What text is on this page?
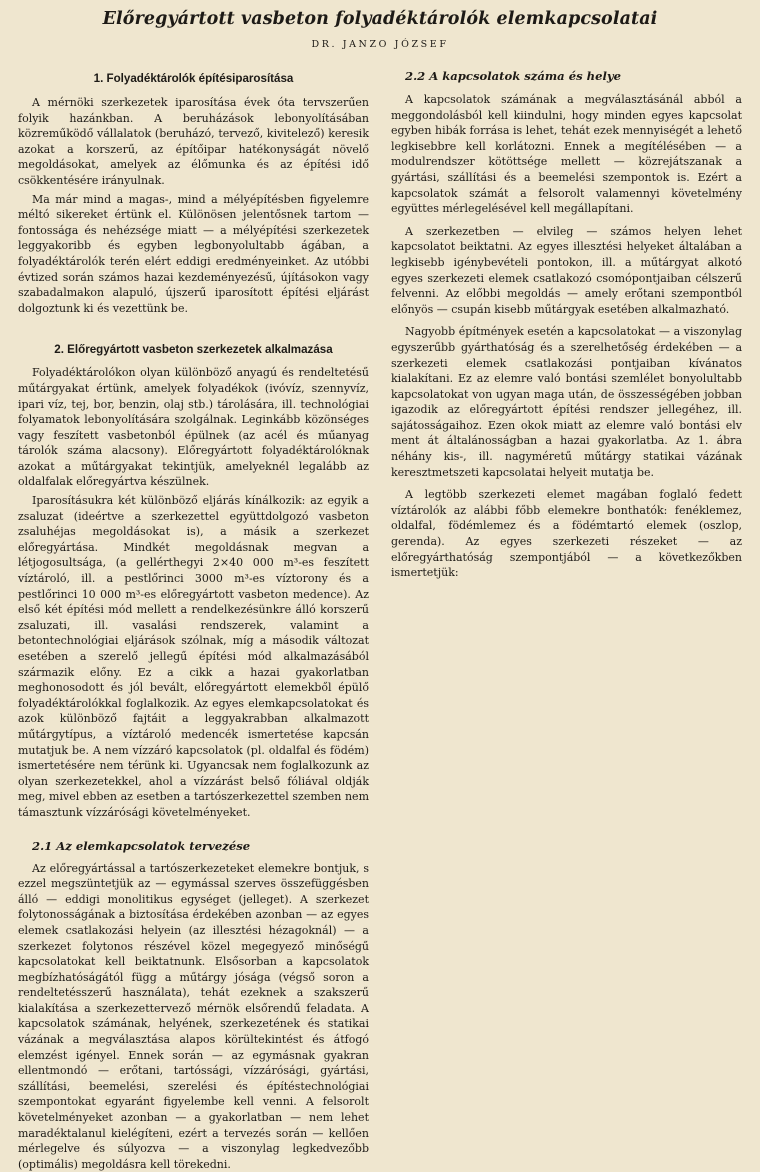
Előregyártott vasbeton folyadéktárolók elemkapcsolatai
DR. JANZO JÓZSEF
1. Folyadéktárolók építésiparosítása

A mérnöki szerkezetek iparosítása évek óta tervszerűen folyik hazánkban. A beruházások lebonyolításában közreműködő vállalatok (beruházó, tervező, kivitelező) keresik azokat a korszerű, az építőipar hatékonyságát növelő megoldásokat, amelyek az élőmunka és az építési idő csökkentésére irányulnak.

Ma már mind a magas-, mind a mélyépítésben figyelemre méltó sikereket értünk el. Különösen jelentősnek tartom — fontossága és nehézsége miatt — a mélyépítési szerkezetek leggyakoribb és egyben legbonyolultabb ágában, a folyadéktárolók terén elért eddigi eredményeinket. Az utóbbi évtized során számos hazai kezdeményezésű, újításokon vagy szabadalmakon alapuló, újszerű iparosított építési eljárást dolgoztunk ki és vezettünk be.

2. Előregyártott vasbeton szerkezetek alkalmazása

Folyadéktárolókon olyan különböző anyagú és rendeltetésű műtárgyakat értünk, amelyek folyadékok (ivóvíz, szennyvíz, ipari víz, tej, bor, benzin, olaj stb.) tárolására, ill. technológiai folyamatok lebonyolítására szolgálnak. Leginkább közönséges vagy feszített vasbetonból épülnek (az acél és műanyag tárolók száma alacsony). Előregyártott folyadéktárolóknak azokat a műtárgyakat tekintjük, amelyeknél legalább az oldalfalak előregyártva készülnek.

Iparosításukra két különböző eljárás kínálkozik: az egyik a zsaluzat (ideértve a szerkezettel együttdolgozó vasbeton zsaluhéjas megoldásokat is), a másik a szerkezet előregyártása. Mindkét megoldásnak megvan a létjogosultsága, (a gellérthegyi 2×40 000 m³-es feszített víztároló, ill. a pestlőrinci 3000 m³-es víztorony és a pestlőrinci 10 000 m³-es előregyártott vasbeton medence). Az első két építési mód mellett a rendelkezésünkre álló korszerű zsaluzati, ill. vasalási rendszerek, valamint a betontechnológiai eljárások szólnak, míg a második változat esetében a szerelő jellegű építési mód alkalmazásából származik előny. Ez a cikk a hazai gyakorlatban meghonosodott és jól bevált, előregyártott elemekből épülő folyadéktárolókkal foglalkozik. Az egyes elemkapcsolatokat és azok különböző fajtáit a leggyakrabban alkalmazott műtárgytípus, a víztároló medencék ismertetése kapcsán mutatjuk be. A nem vízzáró kapcsolatok (pl. oldalfal és födém) ismertetésére nem térünk ki. Ugyancsak nem foglalkozunk az olyan szerkezetekkel, ahol a vízzárást belső fóliával oldják meg, mivel ebben az esetben a tartószerkezettel szemben nem támasztunk vízzárósági követelményeket.

2.1 Az elemkapcsolatok tervezése

Az előregyártással a tartószerkezeteket elemekre bontjuk, s ezzel megszüntetjük az — egymással szerves összefüggésben álló — eddigi monolitikus egységet (jelleget). A szerkezet folytonosságának a biztosítása érdekében azonban — az egyes elemek csatlakozási helyein (az illesztési hézagoknál) — a szerkezet folytonos részével közel megegyező minőségű kapcsolatokat kell beiktatnunk. Elsősorban a kapcsolatok megbízhatóságától függ a műtárgy jósága (végső soron a rendeltetésszerű használata), tehát ezeknek a szakszerű kialakítása a szerkezettervező mérnök elsőrendű feladata. A kapcsolatok számának, helyének, szerkezetének és statikai vázának a megválasztása alapos körültekintést és átfogó elemzést igényel. Ennek során — az egymásnak gyakran ellentmondó — erőtani, tartóssági, vízzárósági, gyártási, szállítási, beemelési, szerelési és építéstechnológiai szempontokat egyaránt figyelembe kell venni. A felsorolt követelményeket azonban — a gyakorlatban — nem lehet maradéktalanul kielégíteni, ezért a tervezés során — kellően mérlegelve és súlyozva — a viszonylag legkedvezőbb (optimális) megoldásra kell törekedni.

2.2 A kapcsolatok száma és helye

A kapcsolatok számának a megválasztásánál abból a meggondolásból kell kiindulni, hogy minden egyes kapcsolat egyben hibák forrása is lehet, tehát ezek mennyiségét a lehető legkisebbre kell korlátozni. Ennek a megítélésében — a modulrendszer kötöttsége mellett — közrejátszanak a gyártási, szállítási és a beemelési szempontok is. Ezért a kapcsolatok számát a felsorolt valamennyi követelmény együttes mérlegelésével kell megállapítani.

A szerkezetben — elvileg — számos helyen lehet kapcsolatot beiktatni. Az egyes illesztési helyeket általában a legkisebb igénybevételi pontokon, ill. a műtárgyat alkotó egyes szerkezeti elemek csatlakozó csomópontjaiban célszerű felvenni. Az előbbi megoldás — amely erőtani szempontból előnyös — csupán kisebb műtárgyak esetében alkalmazható.

Nagyobb építmények esetén a kapcsolatokat — a viszonylag egyszerűbb gyárthatóság és a szerelhetőség érdekében — a szerkezeti elemek csatlakozási pontjaiban kívánatos kialakítani. Ez az elemre való bontási szemlélet bonyolultabb kapcsolatokat von ugyan maga után, de összességében jobban igazodik az előregyártott építési rendszer jellegéhez, ill. sajátosságaihoz. Ezen okok miatt az elemre való bontási elv ment át általánosságban a hazai gyakorlatba. Az 1. ábra néhány kis-, ill. nagyméretű műtárgy statikai vázának keresztmetszeti kapcsolatai helyeit mutatja be.

A legtöbb szerkezeti elemet magában foglaló fedett víztárolók az alábbi főbb elemekre bonthatók: fenéklemez, oldalfal, födémlemez és a födémtartó elemek (oszlop, gerenda). Az egyes szerkezeti részeket — az előregyárthatóság szempontjából — a következőkben ismertetjük:
